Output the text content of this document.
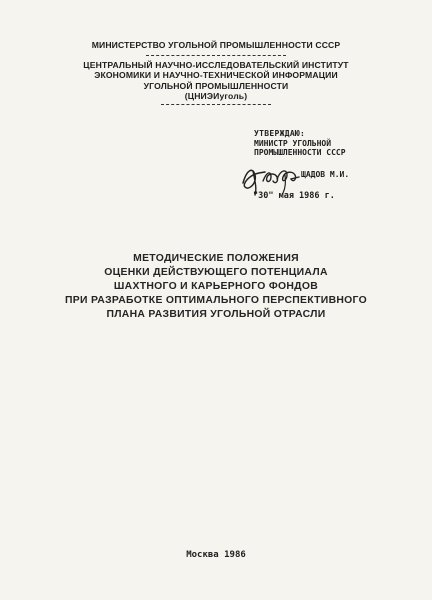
МИНИСТЕРСТВО УГОЛЬНОЙ ПРОМЫШЛЕННОСТИ СССР

ЦЕНТРАЛЬНЫЙ НАУЧНО-ИССЛЕДОВАТЕЛЬСКИЙ ИНСТИТУТ

ЭКОНОМИКИ И НАУЧНО-ТЕХНИЧЕСКОЙ ИНФОРМАЦИИ

УГОЛЬНОЙ ПРОМЫШЛЕННОСТИ

(ЦНИЭИуголь)

УТВЕРЖДАЮ:
МИНИСТР УГОЛЬНОЙ
ПРОМЫШЛЕННОСТИ СССР
ЩАДОВ М.И.
"30" мая 1986 г.

МЕТОДИЧЕСКИЕ ПОЛОЖЕНИЯ

ОЦЕНКИ ДЕЙСТВУЮЩЕГО ПОТЕНЦИАЛА

ШАХТНОГО И КАРЬЕРНОГО ФОНДОВ

ПРИ РАЗРАБОТКЕ ОПТИМАЛЬНОГО ПЕРСПЕКТИВНОГО

ПЛАНА РАЗВИТИЯ УГОЛЬНОЙ ОТРАСЛИ

Москва 1986
